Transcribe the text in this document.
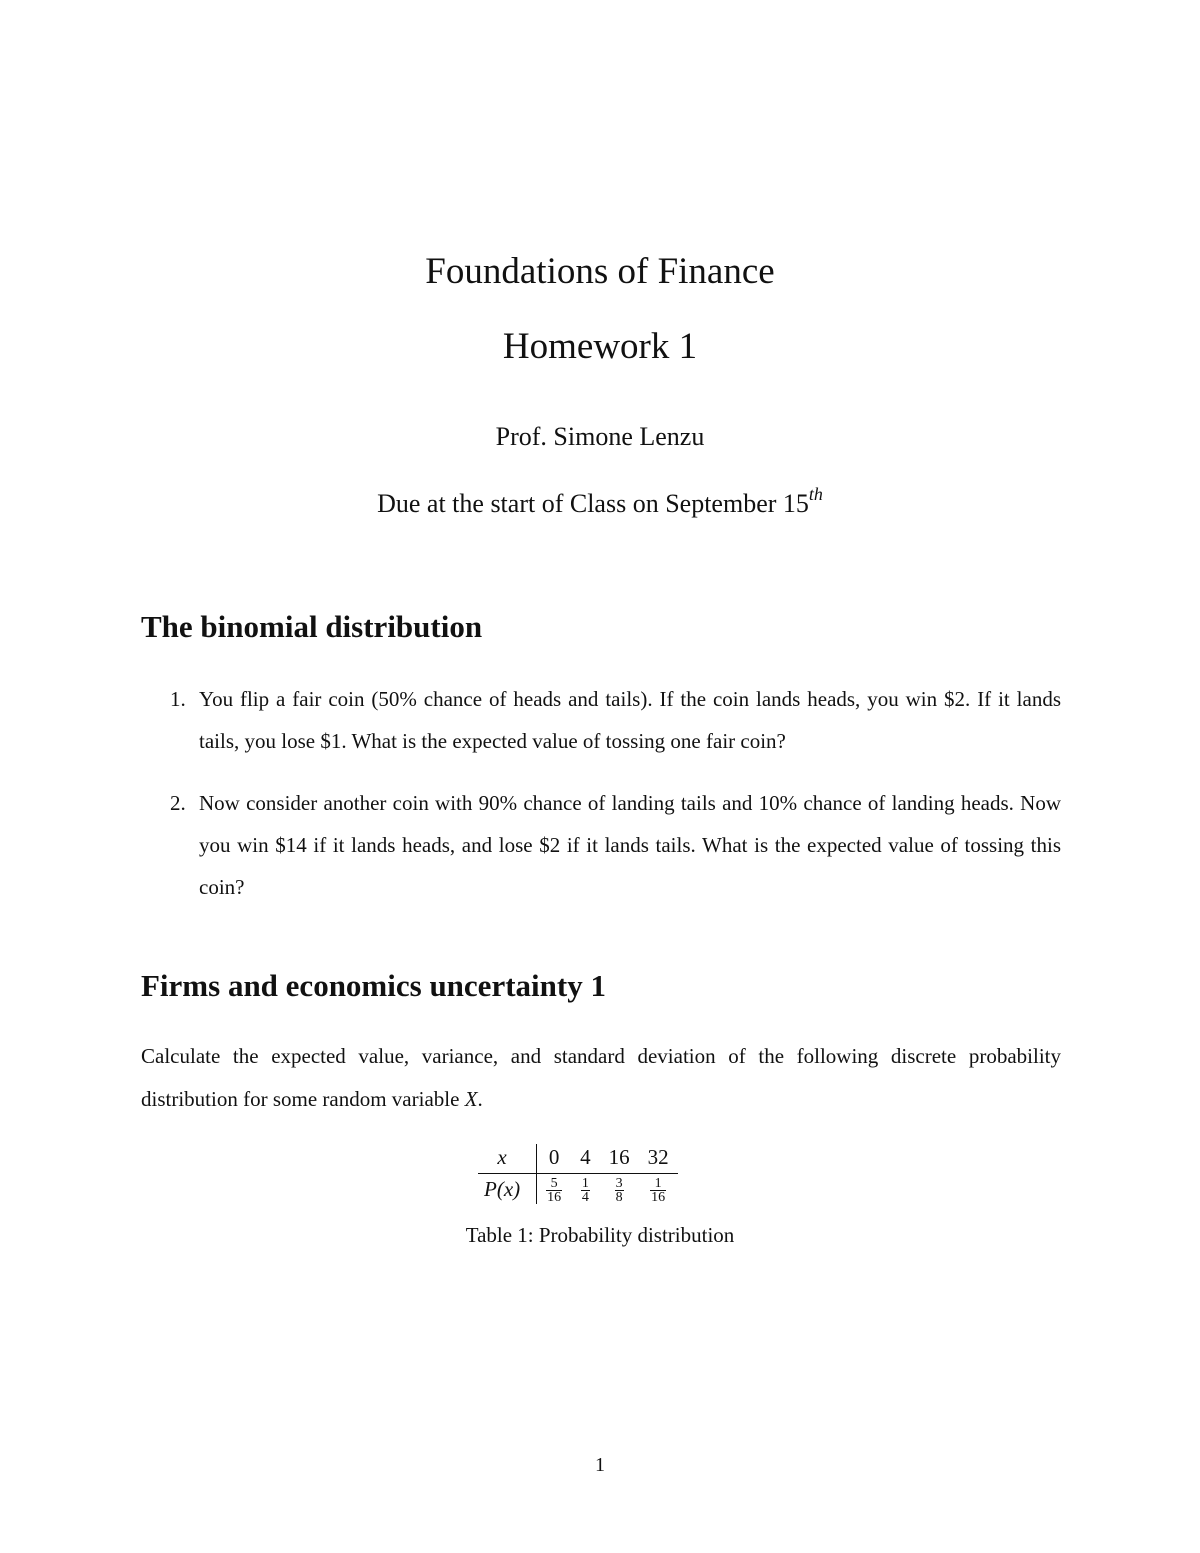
Foundations of Finance
Homework 1
Prof. Simone Lenzu
Due at the start of Class on September 15th
The binomial distribution
1. You flip a fair coin (50% chance of heads and tails). If the coin lands heads, you win $2. If it lands tails, you lose $1. What is the expected value of tossing one fair coin?
2. Now consider another coin with 90% chance of landing tails and 10% chance of landing heads. Now you win $14 if it lands heads, and lose $2 if it lands tails. What is the expected value of tossing this coin?
Firms and economics uncertainty 1

Calculate the expected value, variance, and standard deviation of the following discrete probability distribution for some random variable X.

x	0	4	16	32
P(x)	$\frac{5}{16}$	$\frac{1}{4}$	$\frac{3}{8}$	$\frac{1}{16}$
Table 1: Probability distribution
1
